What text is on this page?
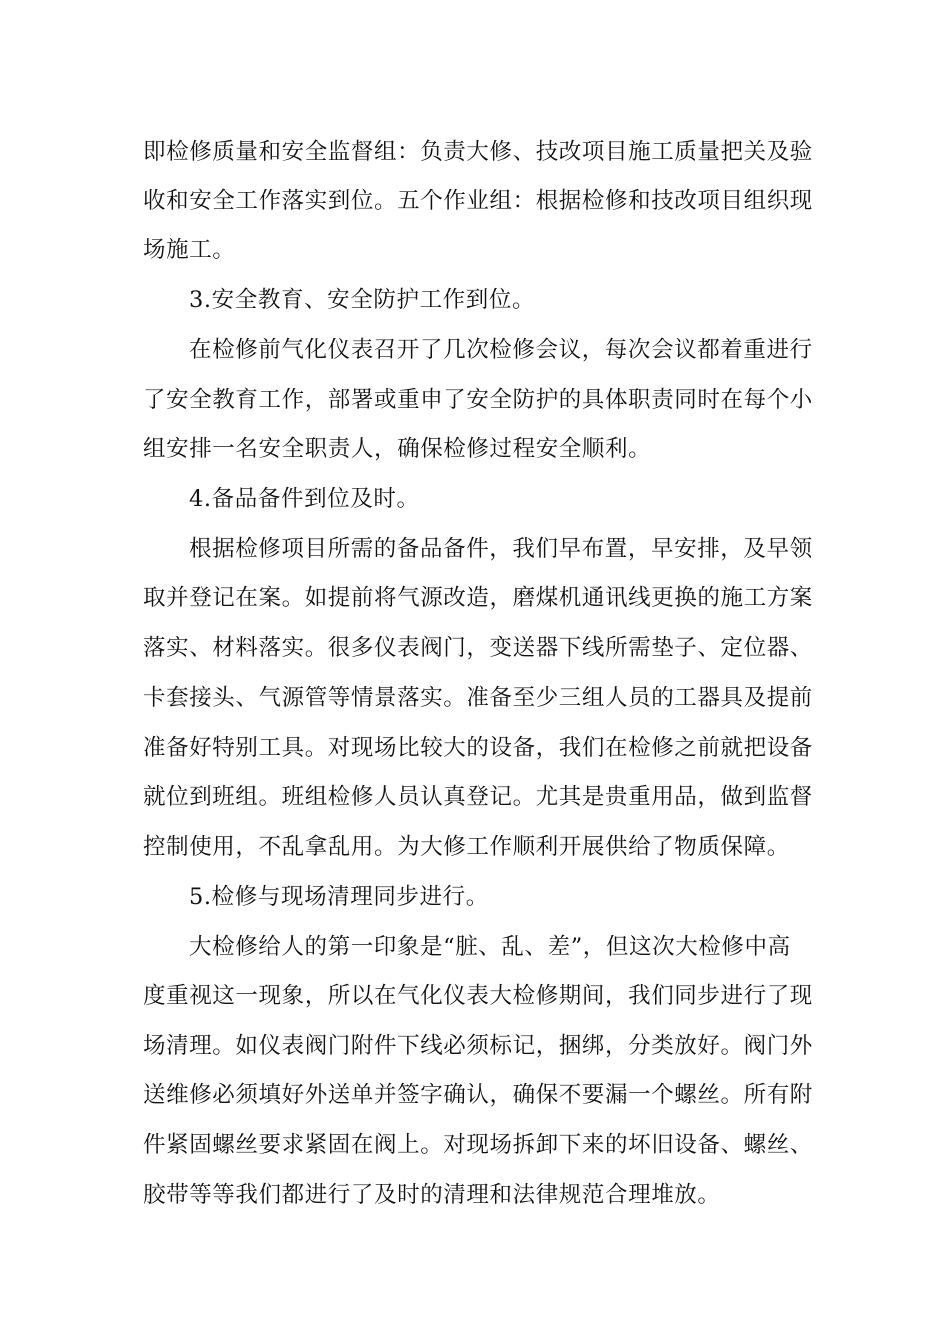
即检修质量和安全监督组：负责大修、技改项目施工质量把关及验
收和安全工作落实到位。五个作业组：根据检修和技改项目组织现
场施工。
3.安全教育、安全防护工作到位。
在检修前气化仪表召开了几次检修会议，每次会议都着重进行
了安全教育工作，部署或重申了安全防护的具体职责同时在每个小
组安排一名安全职责人，确保检修过程安全顺利。
4.备品备件到位及时。
根据检修项目所需的备品备件，我们早布置，早安排，及早领
取并登记在案。如提前将气源改造，磨煤机通讯线更换的施工方案
落实、材料落实。很多仪表阀门，变送器下线所需垫子、定位器、
卡套接头、气源管等情景落实。准备至少三组人员的工器具及提前
准备好特别工具。对现场比较大的设备，我们在检修之前就把设备
就位到班组。班组检修人员认真登记。尤其是贵重用品，做到监督
控制使用，不乱拿乱用。为大修工作顺利开展供给了物质保障。
5.检修与现场清理同步进行。
大检修给人的第一印象是“脏、乱、差”，但这次大检修中高
度重视这一现象，所以在气化仪表大检修期间，我们同步进行了现
场清理。如仪表阀门附件下线必须标记，捆绑，分类放好。阀门外
送维修必须填好外送单并签字确认，确保不要漏一个螺丝。所有附
件紧固螺丝要求紧固在阀上。对现场拆卸下来的坏旧设备、螺丝、
胶带等等我们都进行了及时的清理和法律规范合理堆放。
